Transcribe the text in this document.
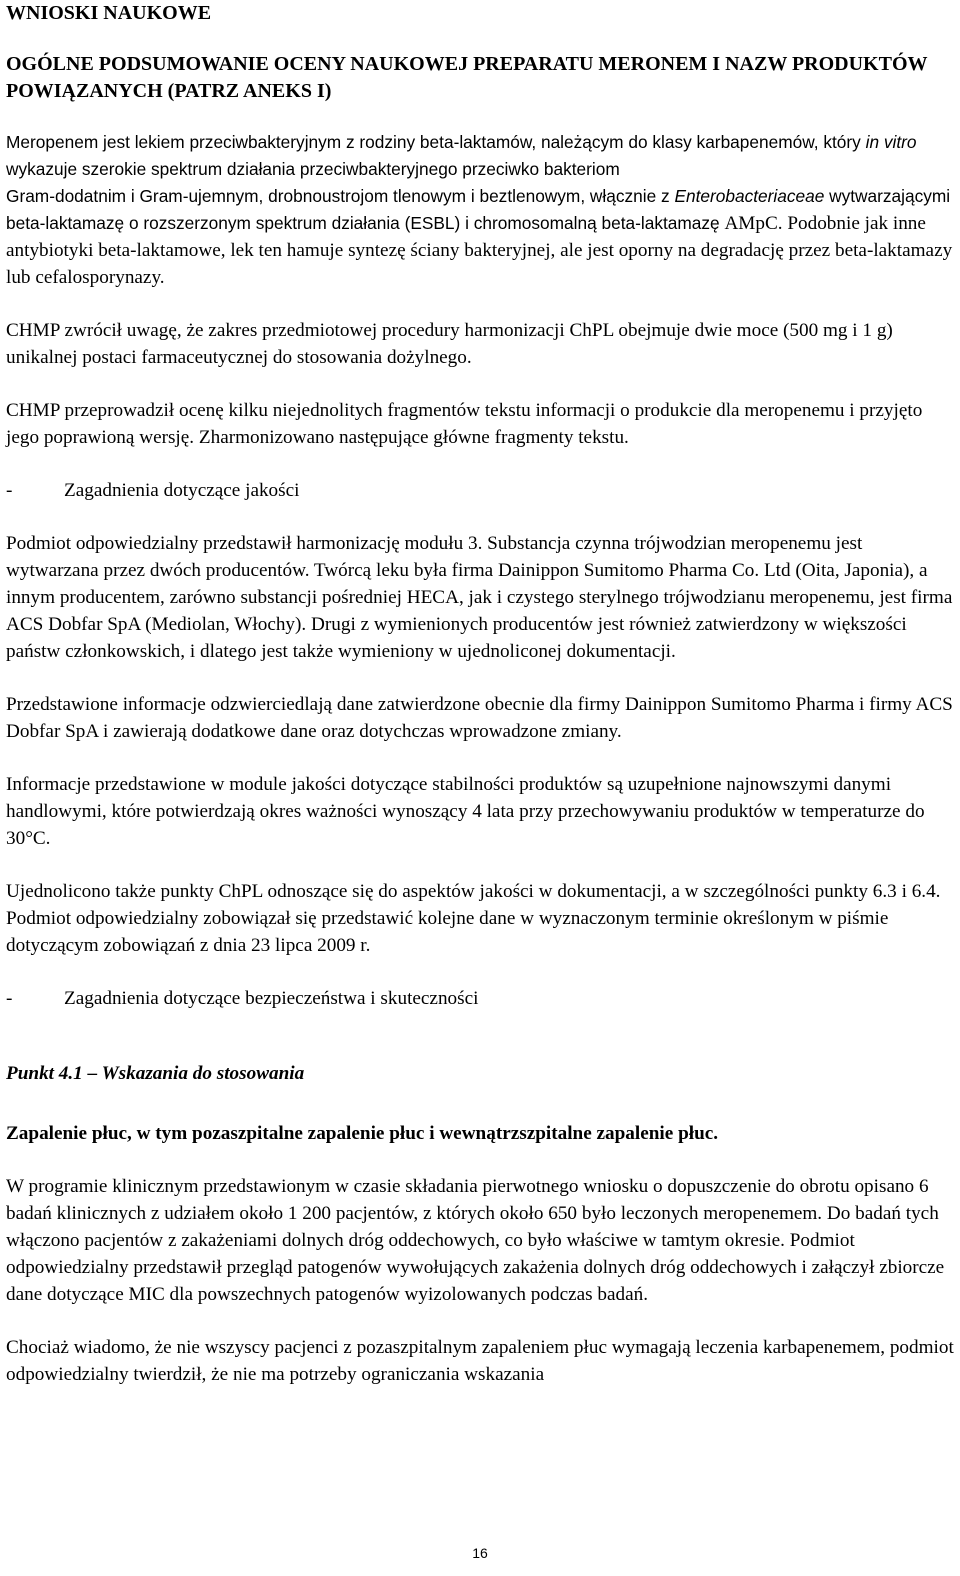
WNIOSKI NAUKOWE
OGÓLNE PODSUMOWANIE OCENY NAUKOWEJ PREPARATU MERONEM I NAZW PRODUKTÓW POWIĄZANYCH (PATRZ ANEKS I)

Meropenem jest lekiem przeciwbakteryjnym z rodziny beta-laktamów, należącym do klasy karbapenemów, który in vitro wykazuje szerokie spektrum działania przeciwbakteryjnego przeciwko bakteriom
Gram-dodatnim i Gram-ujemnym, drobnoustrojom tlenowym i beztlenowym, włącznie z Enterobacteriaceae wytwarzającymi beta-laktamazę o rozszerzonym spektrum działania (ESBL) i chromosomalną beta-laktamazę AMpC. Podobnie jak inne antybiotyki beta-laktamowe, lek ten hamuje syntezę ściany bakteryjnej, ale jest oporny na degradację przez beta-laktamazy lub cefalosporynazy.

CHMP zwrócił uwagę, że zakres przedmiotowej procedury harmonizacji ChPL obejmuje dwie moce (500 mg i 1 g) unikalnej postaci farmaceutycznej do stosowania dożylnego.

CHMP przeprowadził ocenę kilku niejednolitych fragmentów tekstu informacji o produkcie dla meropenemu i przyjęto jego poprawioną wersję. Zharmonizowano następujące główne fragmenty tekstu.

-	Zagadnienia dotyczące jakości

Podmiot odpowiedzialny przedstawił harmonizację modułu 3. Substancja czynna trójwodzian meropenemu jest wytwarzana przez dwóch producentów. Twórcą leku była firma Dainippon Sumitomo Pharma Co. Ltd (Oita, Japonia), a innym producentem, zarówno substancji pośredniej HECA, jak i czystego sterylnego trójwodzianu meropenemu, jest firma ACS Dobfar SpA (Mediolan, Włochy). Drugi z wymienionych producentów jest również zatwierdzony w większości państw członkowskich, i dlatego jest także wymieniony w ujednoliconej dokumentacji.

Przedstawione informacje odzwierciedlają dane zatwierdzone obecnie dla firmy Dainippon Sumitomo Pharma i firmy ACS Dobfar SpA i zawierają dodatkowe dane oraz dotychczas wprowadzone zmiany.

Informacje przedstawione w module jakości dotyczące stabilności produktów są uzupełnione najnowszymi danymi handlowymi, które potwierdzają okres ważności wynoszący 4 lata przy przechowywaniu produktów w temperaturze do 30°C.

Ujednolicono także punkty ChPL odnoszące się do aspektów jakości w dokumentacji, a w szczególności punkty 6.3 i 6.4. Podmiot odpowiedzialny zobowiązał się przedstawić kolejne dane w wyznaczonym terminie określonym w piśmie dotyczącym zobowiązań z dnia 23 lipca 2009 r.

-	Zagadnienia dotyczące bezpieczeństwa i skuteczności

Punkt 4.1 – Wskazania do stosowania

Zapalenie płuc, w tym pozaszpitalne zapalenie płuc i wewnątrzszpitalne zapalenie płuc.

W programie klinicznym przedstawionym w czasie składania pierwotnego wniosku o dopuszczenie do obrotu opisano 6 badań klinicznych z udziałem około 1 200 pacjentów, z których około 650 było leczonych meropenemem. Do badań tych włączono pacjentów z zakażeniami dolnych dróg oddechowych, co było właściwe w tamtym okresie. Podmiot odpowiedzialny przedstawił przegląd patogenów wywołujących zakażenia dolnych dróg oddechowych i załączył zbiorcze dane dotyczące MIC dla powszechnych patogenów wyizolowanych podczas badań.

Chociaż wiadomo, że nie wszyscy pacjenci z pozaszpitalnym zapaleniem płuc wymagają leczenia karbapenemem, podmiot odpowiedzialny twierdził, że nie ma potrzeby ograniczania wskazania

16
